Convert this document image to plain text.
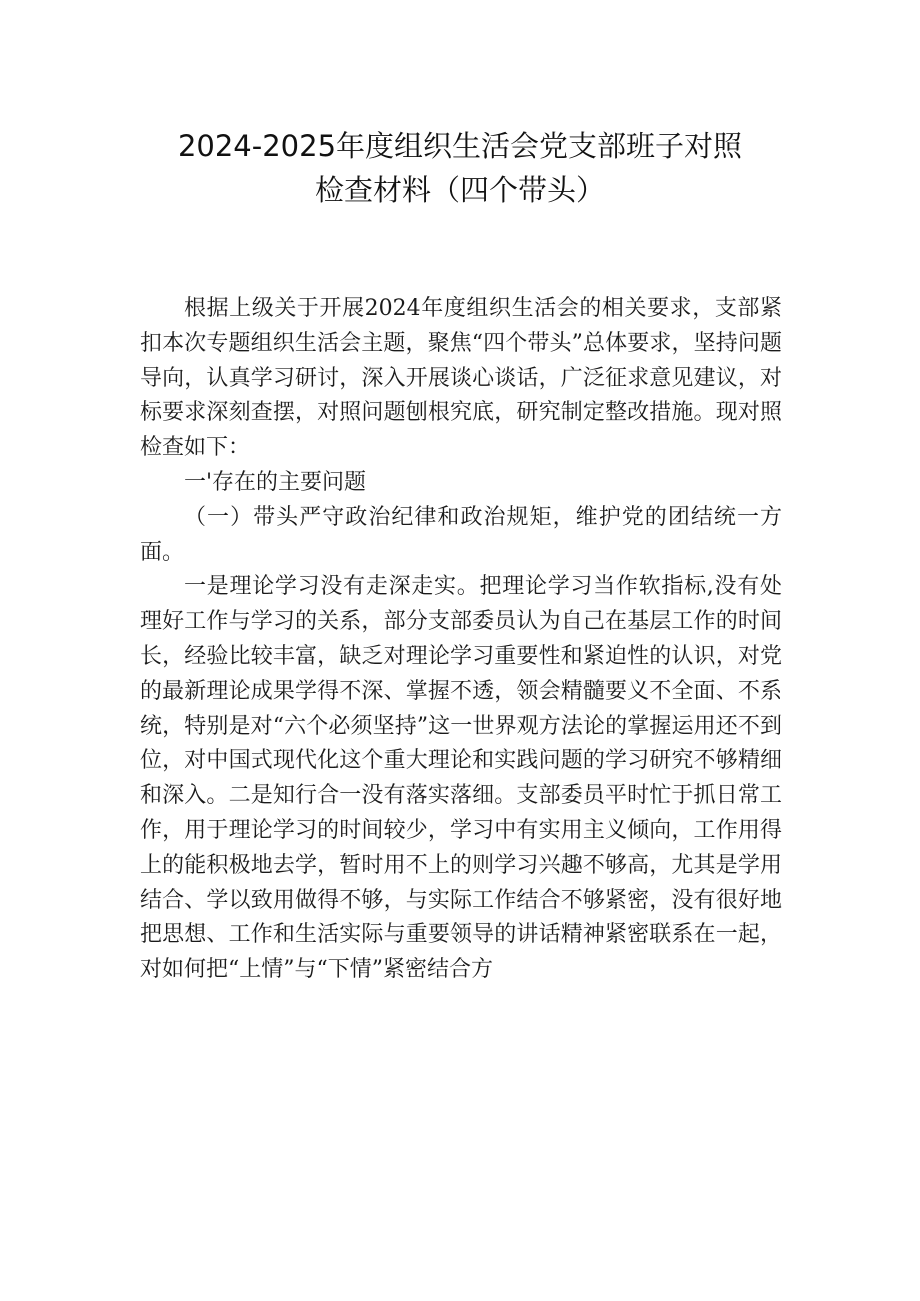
2024-2025年度组织生活会党支部班子对照
检查材料（四个带头）

根据上级关于开展2024年度组织生活会的相关要求，支部紧扣本次专题组织生活会主题，聚焦“四个带头”总体要求，坚持问题导向，认真学习研讨，深入开展谈心谈话，广泛征求意见建议，对标要求深刻查摆，对照问题刨根究底，研究制定整改措施。现对照检查如下：

一'存在的主要问题

（一）带头严守政治纪律和政治规矩，维护党的团结统一方面。

一是理论学习没有走深走实。把理论学习当作软指标,没有处理好工作与学习的关系，部分支部委员认为自己在基层工作的时间长，经验比较丰富，缺乏对理论学习重要性和紧迫性的认识，对党的最新理论成果学得不深、掌握不透，领会精髓要义不全面、不系统，特别是对“六个必须坚持”这一世界观方法论的掌握运用还不到位，对中国式现代化这个重大理论和实践问题的学习研究不够精细和深入。二是知行合一没有落实落细。支部委员平时忙于抓日常工作，用于理论学习的时间较少，学习中有实用主义倾向，工作用得上的能积极地去学，暂时用不上的则学习兴趣不够高，尤其是学用结合、学以致用做得不够，与实际工作结合不够紧密，没有很好地把思想、工作和生活实际与重要领导的讲话精神紧密联系在一起，对如何把“上情”与“下情”紧密结合方
